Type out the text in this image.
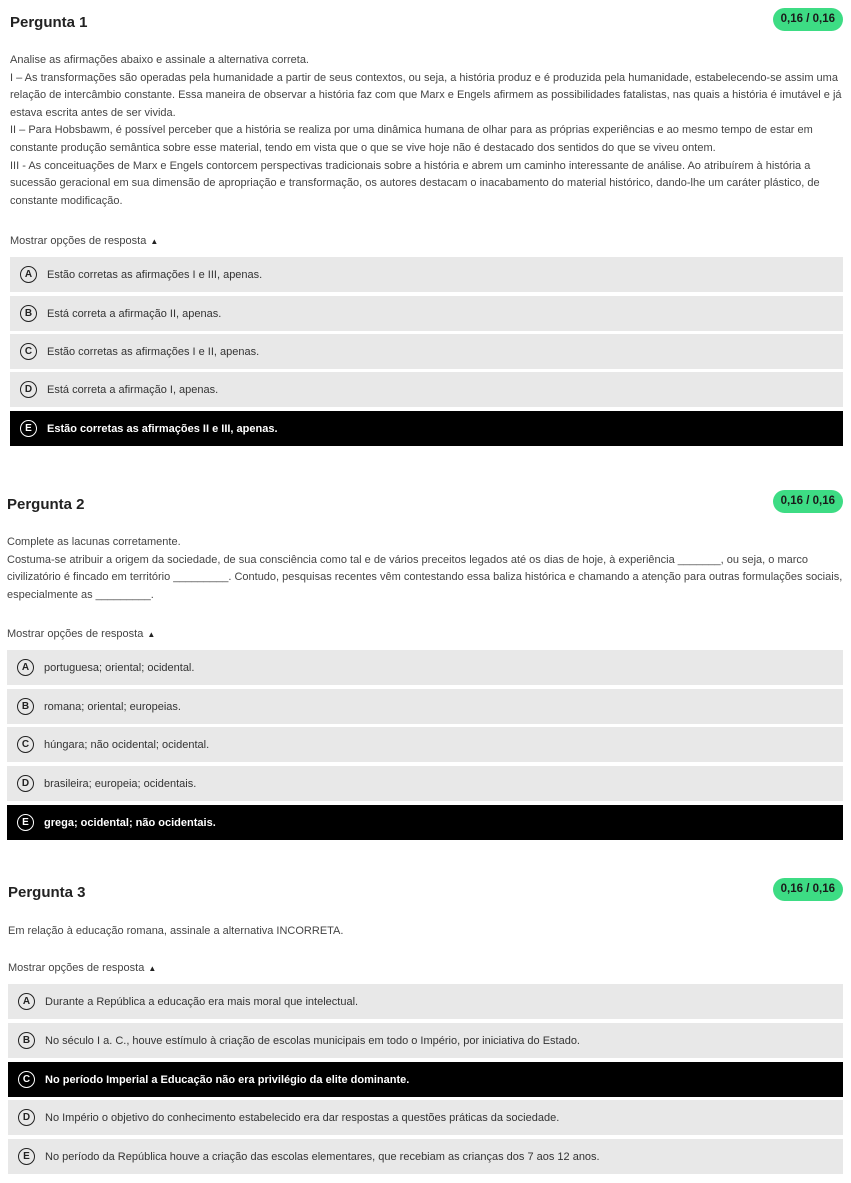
Pergunta 1	0,16 / 0,16

Analise as afirmações abaixo e assinale a alternativa correta.

I – As transformações são operadas pela humanidade a partir de seus contextos, ou seja, a história produz e é produzida pela humanidade, estabelecendo-se assim uma relação de intercâmbio constante. Essa maneira de observar a história faz com que Marx e Engels afirmem as possibilidades fatalistas, nas quais a história é imutável e já estava escrita antes de ser vivida.

II – Para Hobsbawm, é possível perceber que a história se realiza por uma dinâmica humana de olhar para as próprias experiências e ao mesmo tempo de estar em constante produção semântica sobre esse material, tendo em vista que o que se vive hoje não é destacado dos sentidos do que se viveu ontem.

III - As conceituações de Marx e Engels contorcem perspectivas tradicionais sobre a história e abrem um caminho interessante de análise. Ao atribuírem à história a sucessão geracional em sua dimensão de apropriação e transformação, os autores destacam o inacabamento do material histórico, dando-lhe um caráter plástico, de constante modificação.

Mostrar opções de resposta ▲
A	Estão corretas as afirmações I e III, apenas.
B	Está correta a afirmação II, apenas.
C	Estão corretas as afirmações I e II, apenas.
D	Está correta a afirmação I, apenas.
E	Estão corretas as afirmações II e III, apenas.
Pergunta 2	0,16 / 0,16

Complete as lacunas corretamente.

Costuma-se atribuir a origem da sociedade, de sua consciência como tal e de vários preceitos legados até os dias de hoje, à experiência _______, ou seja, o marco civilizatório é fincado em território _________. Contudo, pesquisas recentes vêm contestando essa baliza histórica e chamando a atenção para outras formulações sociais, especialmente as _________.

Mostrar opções de resposta ▲
A	portuguesa; oriental; ocidental.
B	romana; oriental; europeias.
C	húngara; não ocidental; ocidental.
D	brasileira; europeia; ocidentais.
E	grega; ocidental; não ocidentais.
Pergunta 3	0,16 / 0,16

Em relação à educação romana, assinale a alternativa INCORRETA.

Mostrar opções de resposta ▲
A	Durante a República a educação era mais moral que intelectual.
B	No século I a. C., houve estímulo à criação de escolas municipais em todo o Império, por iniciativa do Estado.
C	No período Imperial a Educação não era privilégio da elite dominante.
D	No Império o objetivo do conhecimento estabelecido era dar respostas a questões práticas da sociedade.
E	No período da República houve a criação das escolas elementares, que recebiam as crianças dos 7 aos 12 anos.
